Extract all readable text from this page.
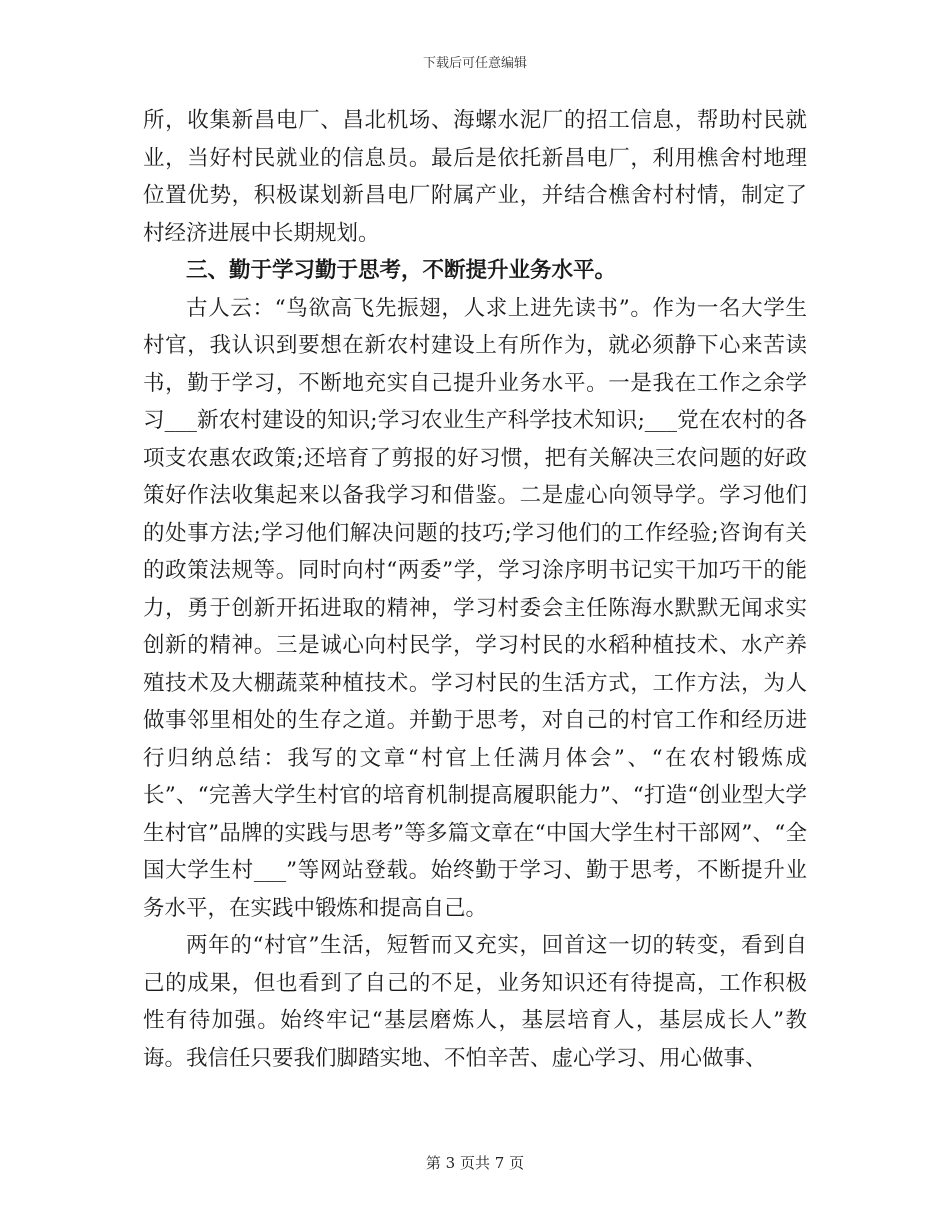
下载后可任意编辑

所，收集新昌电厂、昌北机场、海螺水泥厂的招工信息，帮助村民就业，当好村民就业的信息员。最后是依托新昌电厂，利用樵舍村地理位置优势，积极谋划新昌电厂附属产业，并结合樵舍村村情，制定了村经济进展中长期规划。

三、勤于学习勤于思考，不断提升业务水平。

古人云：“鸟欲高飞先振翅，人求上进先读书”。作为一名大学生村官，我认识到要想在新农村建设上有所作为，就必须静下心来苦读书，勤于学习，不断地充实自己提升业务水平。一是我在工作之余学习___新农村建设的知识;学习农业生产科学技术知识;___党在农村的各项支农惠农政策;还培育了剪报的好习惯，把有关解决三农问题的好政策好作法收集起来以备我学习和借鉴。二是虚心向领导学。学习他们的处事方法;学习他们解决问题的技巧;学习他们的工作经验;咨询有关的政策法规等。同时向村“两委”学，学习涂序明书记实干加巧干的能力，勇于创新开拓进取的精神，学习村委会主任陈海水默默无闻求实创新的精神。三是诚心向村民学，学习村民的水稻种植技术、水产养殖技术及大棚蔬菜种植技术。学习村民的生活方式，工作方法，为人做事邻里相处的生存之道。并勤于思考，对自己的村官工作和经历进行归纳总结：我写的文章“村官上任满月体会”、“在农村锻炼成长”、“完善大学生村官的培育机制提高履职能力”、“打造“创业型大学生村官”品牌的实践与思考”等多篇文章在“中国大学生村干部网”、“全国大学生村___”等网站登载。始终勤于学习、勤于思考，不断提升业务水平，在实践中锻炼和提高自己。

两年的“村官”生活，短暂而又充实，回首这一切的转变，看到自己的成果，但也看到了自己的不足，业务知识还有待提高，工作积极性有待加强。始终牢记“基层磨炼人，基层培育人，基层成长人”教诲。我信任只要我们脚踏实地、不怕辛苦、虚心学习、用心做事、

第 3 页共 7 页
